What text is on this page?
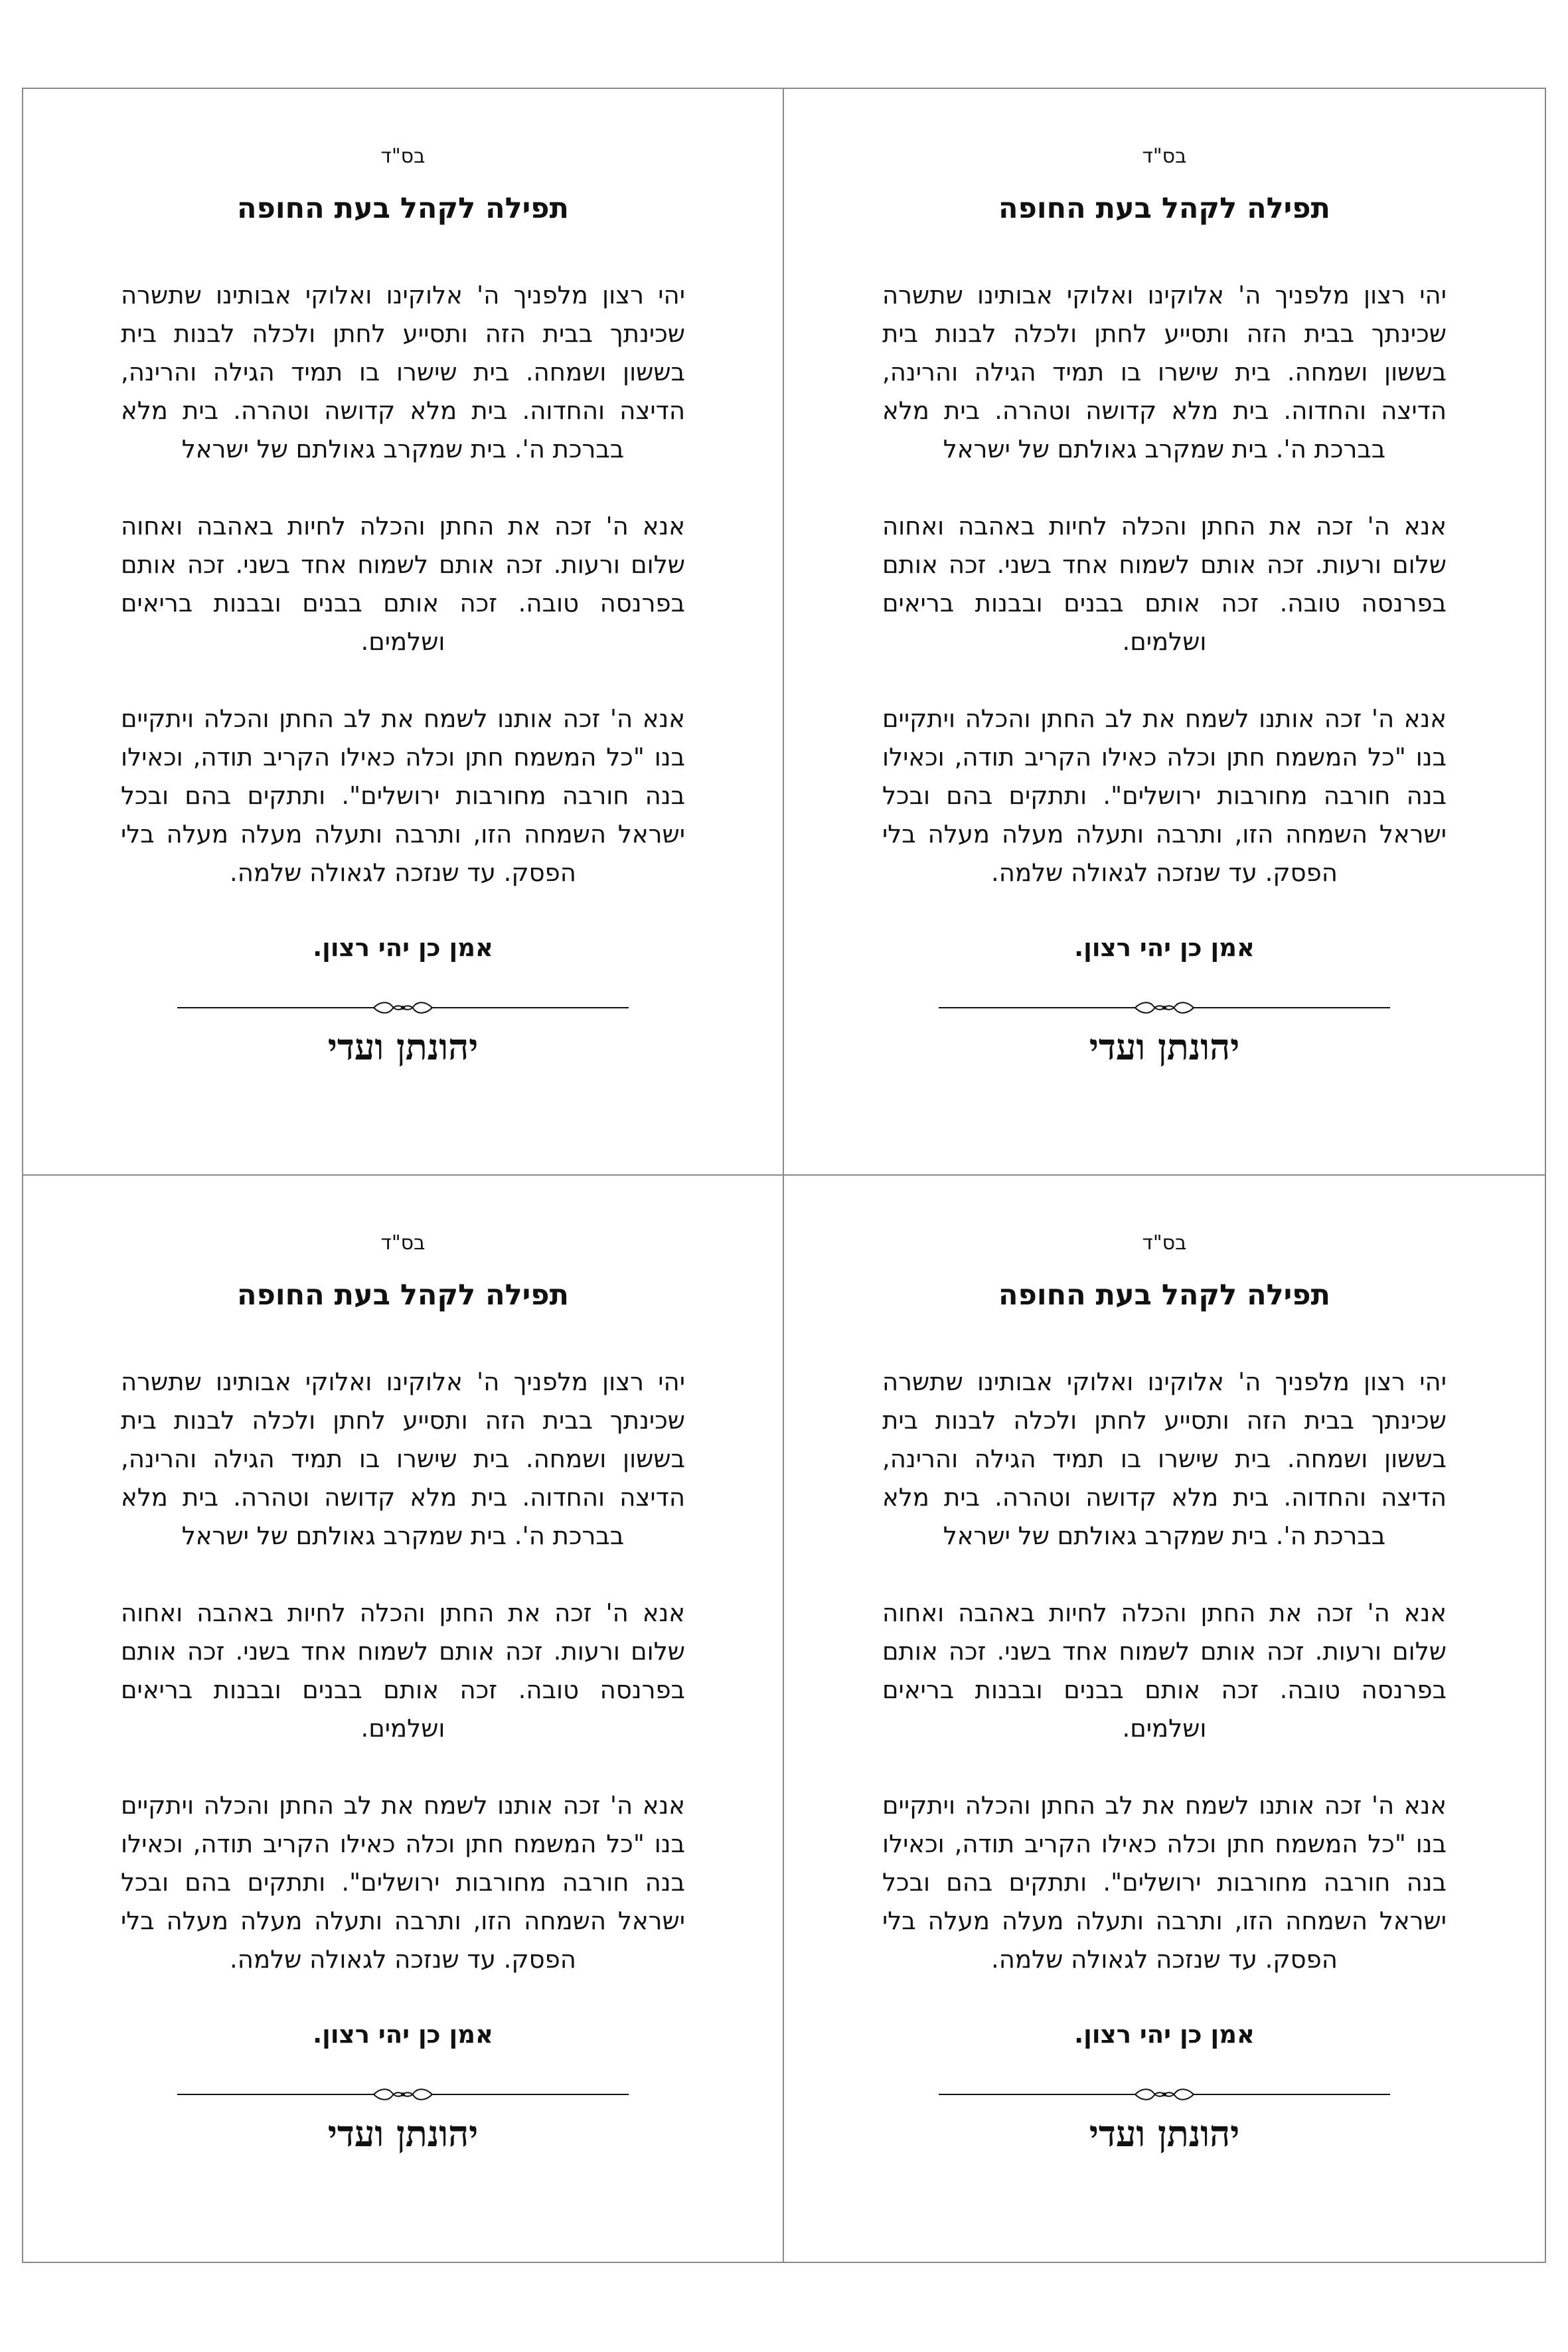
בס"ד

תפילה לקהל בעת החופה

יהי רצון מלפניך ה' אלוקינו ואלוקי אבותינו שתשרה שכינתך בבית הזה ותסייע לחתן ולכלה לבנות בית בששון ושמחה. בית שישרו בו תמיד הגילה והרינה, הדיצה והחדוה. בית מלא קדושה וטהרה. בית מלא בברכת ה'. בית שמקרב גאולתם של ישראל

אנא ה' זכה את החתן והכלה לחיות באהבה ואחוה שלום ורעות. זכה אותם לשמוח אחד בשני. זכה אותם בפרנסה טובה. זכה אותם בבנים ובבנות בריאים ושלמים.

אנא ה' זכה אותנו לשמח את לב החתן והכלה ויתקיים בנו "כל המשמח חתן וכלה כאילו הקריב תודה, וכאילו בנה חורבה מחורבות ירושלים". ותתקים בהם ובכל ישראל השמחה הזו, ותרבה ותעלה מעלה מעלה בלי הפסק. עד שנזכה לגאולה שלמה.

אמן כן יהי רצון.

יהונתן ועדי

בס"ד

תפילה לקהל בעת החופה

יהי רצון מלפניך ה' אלוקינו ואלוקי אבותינו שתשרה שכינתך בבית הזה ותסייע לחתן ולכלה לבנות בית בששון ושמחה. בית שישרו בו תמיד הגילה והרינה, הדיצה והחדוה. בית מלא קדושה וטהרה. בית מלא בברכת ה'. בית שמקרב גאולתם של ישראל

אנא ה' זכה את החתן והכלה לחיות באהבה ואחוה שלום ורעות. זכה אותם לשמוח אחד בשני. זכה אותם בפרנסה טובה. זכה אותם בבנים ובבנות בריאים ושלמים.

אנא ה' זכה אותנו לשמח את לב החתן והכלה ויתקיים בנו "כל המשמח חתן וכלה כאילו הקריב תודה, וכאילו בנה חורבה מחורבות ירושלים". ותתקים בהם ובכל ישראל השמחה הזו, ותרבה ותעלה מעלה מעלה בלי הפסק. עד שנזכה לגאולה שלמה.

אמן כן יהי רצון.

יהונתן ועדי

בס"ד

תפילה לקהל בעת החופה

יהי רצון מלפניך ה' אלוקינו ואלוקי אבותינו שתשרה שכינתך בבית הזה ותסייע לחתן ולכלה לבנות בית בששון ושמחה. בית שישרו בו תמיד הגילה והרינה, הדיצה והחדוה. בית מלא קדושה וטהרה. בית מלא בברכת ה'. בית שמקרב גאולתם של ישראל

אנא ה' זכה את החתן והכלה לחיות באהבה ואחוה שלום ורעות. זכה אותם לשמוח אחד בשני. זכה אותם בפרנסה טובה. זכה אותם בבנים ובבנות בריאים ושלמים.

אנא ה' זכה אותנו לשמח את לב החתן והכלה ויתקיים בנו "כל המשמח חתן וכלה כאילו הקריב תודה, וכאילו בנה חורבה מחורבות ירושלים". ותתקים בהם ובכל ישראל השמחה הזו, ותרבה ותעלה מעלה מעלה בלי הפסק. עד שנזכה לגאולה שלמה.

אמן כן יהי רצון.

יהונתן ועדי

בס"ד

תפילה לקהל בעת החופה

יהי רצון מלפניך ה' אלוקינו ואלוקי אבותינו שתשרה שכינתך בבית הזה ותסייע לחתן ולכלה לבנות בית בששון ושמחה. בית שישרו בו תמיד הגילה והרינה, הדיצה והחדוה. בית מלא קדושה וטהרה. בית מלא בברכת ה'. בית שמקרב גאולתם של ישראל

אנא ה' זכה את החתן והכלה לחיות באהבה ואחוה שלום ורעות. זכה אותם לשמוח אחד בשני. זכה אותם בפרנסה טובה. זכה אותם בבנים ובבנות בריאים ושלמים.

אנא ה' זכה אותנו לשמח את לב החתן והכלה ויתקיים בנו "כל המשמח חתן וכלה כאילו הקריב תודה, וכאילו בנה חורבה מחורבות ירושלים". ותתקים בהם ובכל ישראל השמחה הזו, ותרבה ותעלה מעלה מעלה בלי הפסק. עד שנזכה לגאולה שלמה.

אמן כן יהי רצון.

יהונתן ועדי
